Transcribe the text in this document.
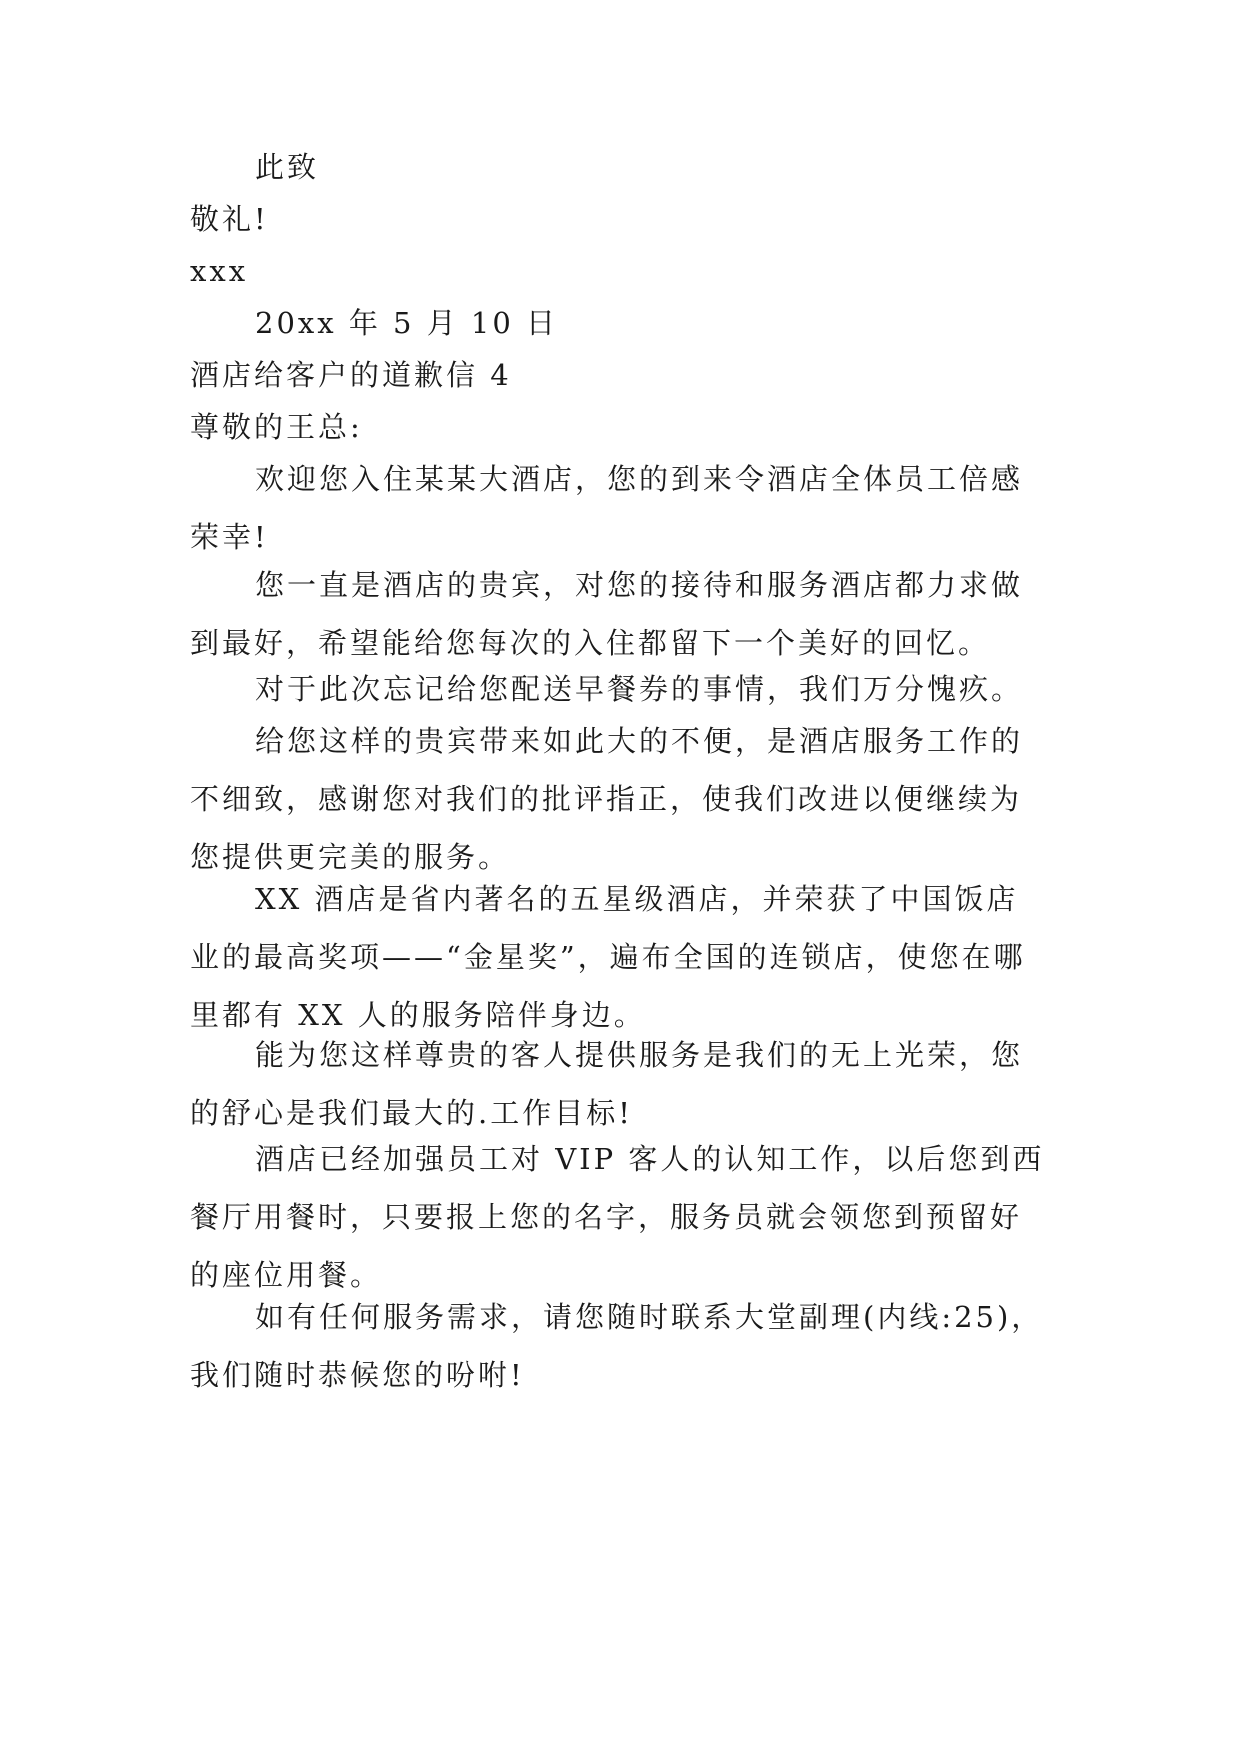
此致
敬礼!
xxx
20xx 年 5 月 10 日
酒店给客户的道歉信 4
尊敬的王总:
欢迎您入住某某大酒店，您的到来令酒店全体员工倍感荣幸!
您一直是酒店的贵宾，对您的接待和服务酒店都力求做到最好，希望能给您每次的入住都留下一个美好的回忆。
对于此次忘记给您配送早餐券的事情，我们万分愧疚。
给您这样的贵宾带来如此大的不便，是酒店服务工作的不细致，感谢您对我们的批评指正，使我们改进以便继续为您提供更完美的服务。
XX 酒店是省内著名的五星级酒店，并荣获了中国饭店业的最高奖项——“金星奖”，遍布全国的连锁店，使您在哪里都有 XX 人的服务陪伴身边。
能为您这样尊贵的客人提供服务是我们的无上光荣，您的舒心是我们最大的.工作目标!
酒店已经加强员工对 VIP 客人的认知工作，以后您到西餐厅用餐时，只要报上您的名字，服务员就会领您到预留好的座位用餐。
如有任何服务需求，请您随时联系大堂副理(内线:25)，我们随时恭候您的吩咐!
